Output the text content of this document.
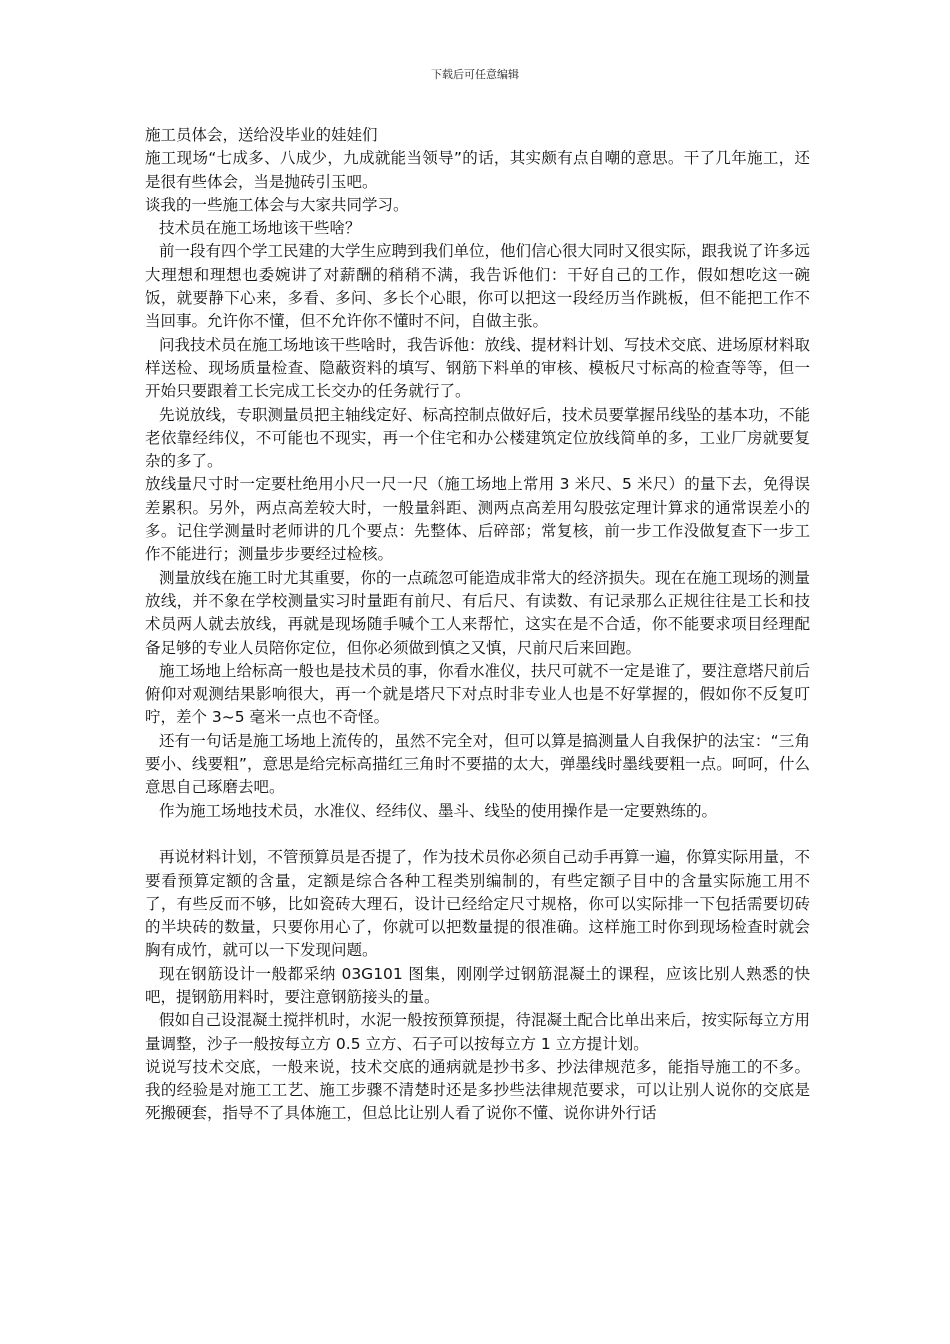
下载后可任意编辑

施工员体会，送给没毕业的娃娃们

施工现场“七成多、八成少，九成就能当领导”的话，其实颇有点自嘲的意思。干了几年施工，还是很有些体会，当是抛砖引玉吧。

谈我的一些施工体会与大家共同学习。

技术员在施工场地该干些啥？

前一段有四个学工民建的大学生应聘到我们单位，他们信心很大同时又很实际，跟我说了许多远大理想和理想也委婉讲了对薪酬的稍稍不满，我告诉他们：干好自己的工作，假如想吃这一碗饭，就要静下心来，多看、多问、多长个心眼，你可以把这一段经历当作跳板，但不能把工作不当回事。允许你不懂，但不允许你不懂时不问，自做主张。

问我技术员在施工场地该干些啥时，我告诉他：放线、提材料计划、写技术交底、进场原材料取样送检、现场质量检查、隐蔽资料的填写、钢筋下料单的审核、模板尺寸标高的检查等等，但一开始只要跟着工长完成工长交办的任务就行了。

先说放线，专职测量员把主轴线定好、标高控制点做好后，技术员要掌握吊线坠的基本功，不能老依靠经纬仪，不可能也不现实，再一个住宅和办公楼建筑定位放线简单的多，工业厂房就要复杂的多了。

放线量尺寸时一定要杜绝用小尺一尺一尺（施工场地上常用 3 米尺、5 米尺）的量下去，免得误差累积。另外，两点高差较大时，一般量斜距、测两点高差用勾股弦定理计算求的通常误差小的多。记住学测量时老师讲的几个要点：先整体、后碎部；常复核，前一步工作没做复查下一步工作不能进行；测量步步要经过检核。

测量放线在施工时尤其重要，你的一点疏忽可能造成非常大的经济损失。现在在施工现场的测量放线，并不象在学校测量实习时量距有前尺、有后尺、有读数、有记录那么正规往往是工长和技术员两人就去放线，再就是现场随手喊个工人来帮忙，这实在是不合适，你不能要求项目经理配备足够的专业人员陪你定位，但你必须做到慎之又慎，尺前尺后来回跑。

施工场地上给标高一般也是技术员的事，你看水准仪，扶尺可就不一定是谁了，要注意塔尺前后俯仰对观测结果影响很大，再一个就是塔尺下对点时非专业人也是不好掌握的，假如你不反复叮咛，差个 3~5 毫米一点也不奇怪。

还有一句话是施工场地上流传的，虽然不完全对，但可以算是搞测量人自我保护的法宝：“三角要小、线要粗”，意思是给完标高描红三角时不要描的太大，弹墨线时墨线要粗一点。呵呵，什么意思自己琢磨去吧。

作为施工场地技术员，水准仪、经纬仪、墨斗、线坠的使用操作是一定要熟练的。

再说材料计划，不管预算员是否提了，作为技术员你必须自己动手再算一遍，你算实际用量，不要看预算定额的含量，定额是综合各种工程类别编制的，有些定额子目中的含量实际施工用不了，有些反而不够，比如瓷砖大理石，设计已经给定尺寸规格，你可以实际排一下包括需要切砖的半块砖的数量，只要你用心了，你就可以把数量提的很准确。这样施工时你到现场检查时就会胸有成竹，就可以一下发现问题。

现在钢筋设计一般都采纳 03G101 图集，刚刚学过钢筋混凝土的课程，应该比别人熟悉的快吧，提钢筋用料时，要注意钢筋接头的量。

假如自己设混凝土搅拌机时，水泥一般按预算预提，待混凝土配合比单出来后，按实际每立方用量调整，沙子一般按每立方 0.5 立方、石子可以按每立方 1 立方提计划。

说说写技术交底，一般来说，技术交底的通病就是抄书多、抄法律规范多，能指导施工的不多。我的经验是对施工工艺、施工步骤不清楚时还是多抄些法律规范要求，可以让别人说你的交底是死搬硬套，指导不了具体施工，但总比让别人看了说你不懂、说你讲外行话
